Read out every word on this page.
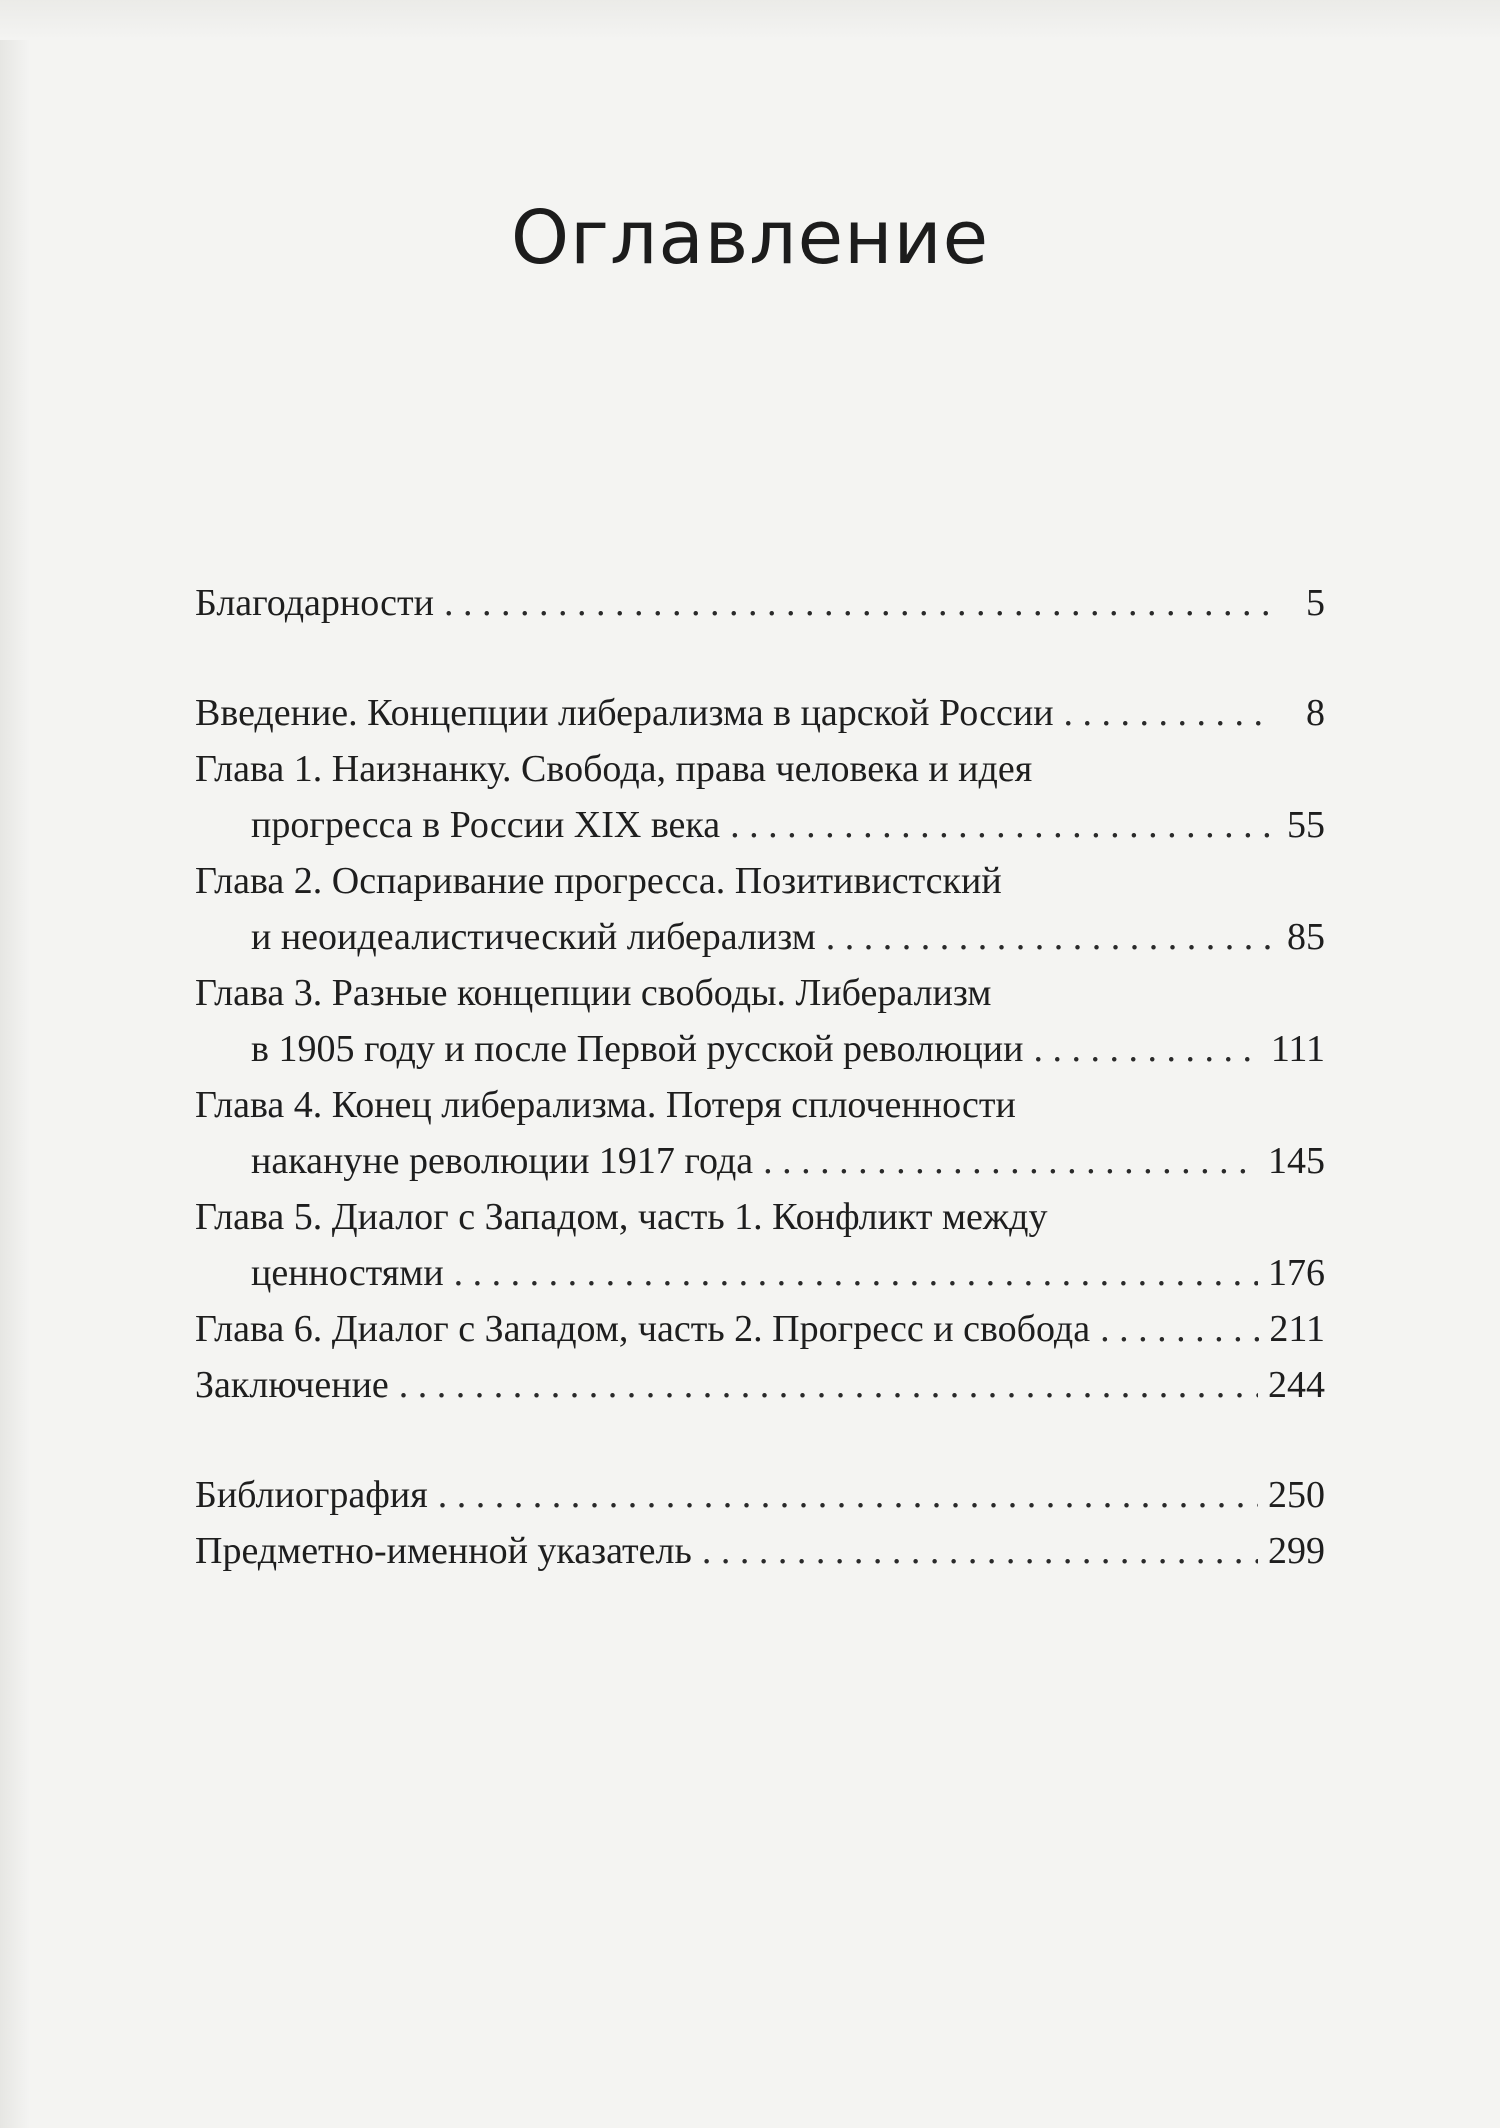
Оглавление
Благодарности . . .	5
Введение. Концепции либерализма в царской России . . .	8
Глава 1. Наизнанку. Свобода, права человека и идея
прогресса в России XIX века . . .	55
Глава 2. Оспаривание прогресса. Позитивистский
и неоидеалистический либерализм . . .	85
Глава 3. Разные концепции свободы. Либерализм
в 1905 году и после Первой русской революции . . .	111
Глава 4. Конец либерализма. Потеря сплоченности
накануне революции 1917 года . . .	145
Глава 5. Диалог с Западом, часть 1. Конфликт между
ценностями . . .	176
Глава 6. Диалог с Западом, часть 2. Прогресс и свобода . . .	211
Заключение . . .	244
Библиография . . .	250
Предметно-именной указатель . . .	299
